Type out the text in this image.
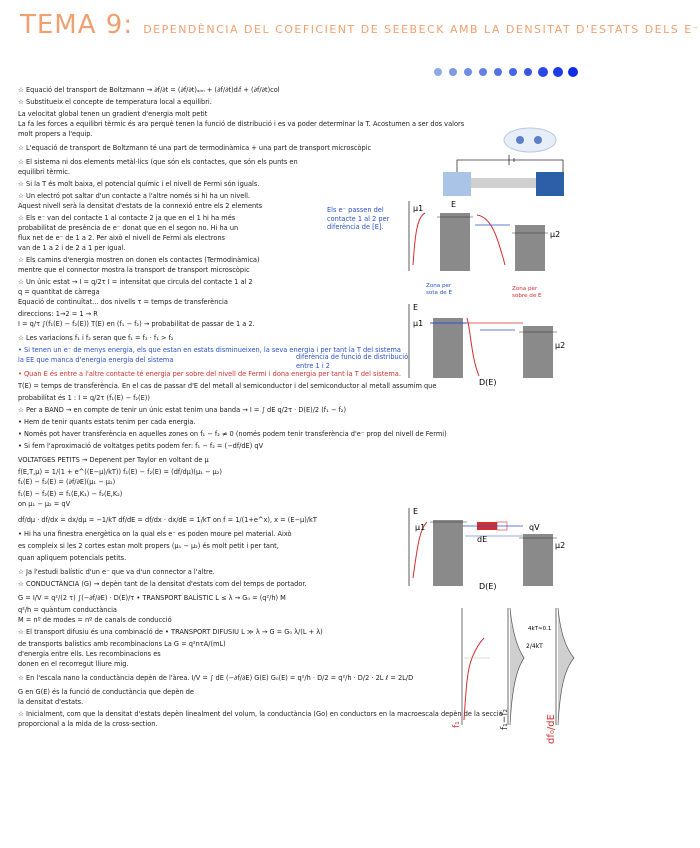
TEMA 9: DEPENDÈNCIA DEL COEFICIENT DE SEEBECK AMB LA DENSITAT D'ESTATS DELS E⁻
☆ Equació del transport de Boltzmann → ∂f/∂t = (∂f/∂t)ₐᵢₘ + (∂f/∂t)dᵢf + (∂f/∂t)col
☆ Substitueix el concepte de temperatura local a equilibri.
La velocitat global tenen un gradient d'energia molt petit
La fa les forces a equilibri tèrmic és ara perquè tenen la funció de distribució i es va poder determinar la T. Acostumen a ser dos valors
molt propers a l'equip.
☆ L'equació de transport de Boltzmann té una part de termodinàmica + una part de transport microscòpic
☆ El sistema ni dos elements metàl·lics (que són els contactes, que són els punts en
equilibri tèrmic.
☆ Si la T és molt baixa, el potencial químic i el nivell de Fermi són iguals.
☆ Un electró pot saltar d'un contacte a l'altre només si hi ha un nivell.
Aquest nivell serà la densitat d'estats de la connexió entre els 2 elements
☆ Els e⁻ van del contacte 1 al contacte 2 ja que en el 1 hi ha més
probabilitat de presència de e⁻ donat que en el segon no. Hi ha un
flux net de e⁻ de 1 a 2. Per això el nivell de Fermi als electrons
van de 1 a 2 i de 2 a 1 per igual.
☆ Els camins d'energia mostren on donen els contactes (Termodinàmica)
mentre que el connector mostra la transport de transport microscòpic
☆ Un únic estat → I = q/2τ I = intensitat que circula del contacte 1 al 2
q = quantitat de càrrega
Equació de continuïtat... dos nivells τ = temps de transferència
direccions: 1→2 = 1 → R
I = q/τ ∫(f₁(E) − f₂(E)) T(E) en (f₁ − f₂) → probabilitat de passar de 1 a 2.
☆ Les variacions f₁ i f₂ seran que f₁ = f₂ · f₁ > f₂
• Si tenen un e⁻ de menys energia, els que estan en estats disminueixen, la seva energia i per tant la T del sistema
la EE que manca d'energia energia del sistema
• Quan E és entre a l'altre contacte té energia per sobre del nivell de Fermi i dona energia per tant la T del sistema.
T(E) = temps de transferència. En el cas de passar d'E del metall al semiconductor i del semiconductor al metall assumim que
probabilitat és 1 : I = q/2τ (f₁(E) − f₂(E))
☆ Per a BAND → en compte de tenir un únic estat tenim una banda → I = ∫ dE q/2τ · D(E)/2 (f₁ − f₂)
• Hem de tenir quants estats tenim per cada energia.
• Només pot haver transferència en aquelles zones on f₁ − f₂ ≠ 0 (només podem tenir transferència d'e⁻ prop del nivell de Fermi)
• Si fem l'aproximació de voltatges petits podem fer: f₁ − f₂ = (−df/dE) qV
VOLTATGES PETITS → Depenent per Taylor en voltant de μ
f(E,T,μ) = 1/(1 + e^((E−μ)/kT)) f₁(E) − f₂(E) = (df/dμ)(μ₁ − μ₂)
f₁(E) − f₂(E) = (∂f/∂E)(μ₁ − μ₂)
f₁(E) − f₂(E) = f₁(E,K₁) − f₂(E,K₂)
on μ₁ − μ₂ = qV
df/dμ · df/dx = dx/dμ = −1/kT df/dE = df/dx · dx/dE = 1/kT on f = 1/(1+e^x), x = (E−μ)/kT
• Hi ha una finestra energètica on la qual els e⁻ es poden moure pel material. Això
es compleix si les 2 cortes estan molt propers (μ₁ − μ₂) és molt petit i per tant,
quan apliquem potencials petits.
☆ Ja l'estudi balístic d'un e⁻ que va d'un connector a l'altre.
☆ CONDUCTÀNCIA (G) → depèn tant de la densitat d'estats com del temps de portador.
G = I/V = q²/(2 τ) ∫(−∂f/∂E) · D(E)/τ • TRANSPORT BALÍSTIC L ≤ λ → G₀ = (q²/h) M
q²/h = quàntum conductància
M = nº de modes = nº de canals de conducció
☆ El transport difusiu és una combinació de • TRANSPORT DIFUSIU L ≫ λ → G = G₀ λ/(L + λ)
de transports balístics amb recombinacions La G = q²nτA/(mL)
d'energia entre ells. Les recombinacions es
donen en el recorregut lliure mig.
☆ En l'escala nano la conductància depèn de l'àrea. I/V = ∫ dE (−∂f/∂E) G(E) G₀(E) = q²/h · D/2 = q²/h · D/2 · 2L ℓ = 2L/D
G en G(E) és la funció de conductància que depèn de
la densitat d'estats.
☆ Inicialment, com que la densitat d'estats depèn linealment del volum, la conductància (Go) en conductors en la macroescala depèn de la secció
proporcional a la mida de la cross-section.
Els e⁻ passen del contacte 1 al 2 per diferència de [E].
diferència de funció de distribució entre 1 i 2
Zona per sota de E
Zona per sobre de E
E
μ1
μ2
E
μ1
μ2
D(E)
E
μ1
dE
qV
μ2
D(E)
2/4kT
4kT≈0.1
f₁	f₁−f₂	df₀/dE
